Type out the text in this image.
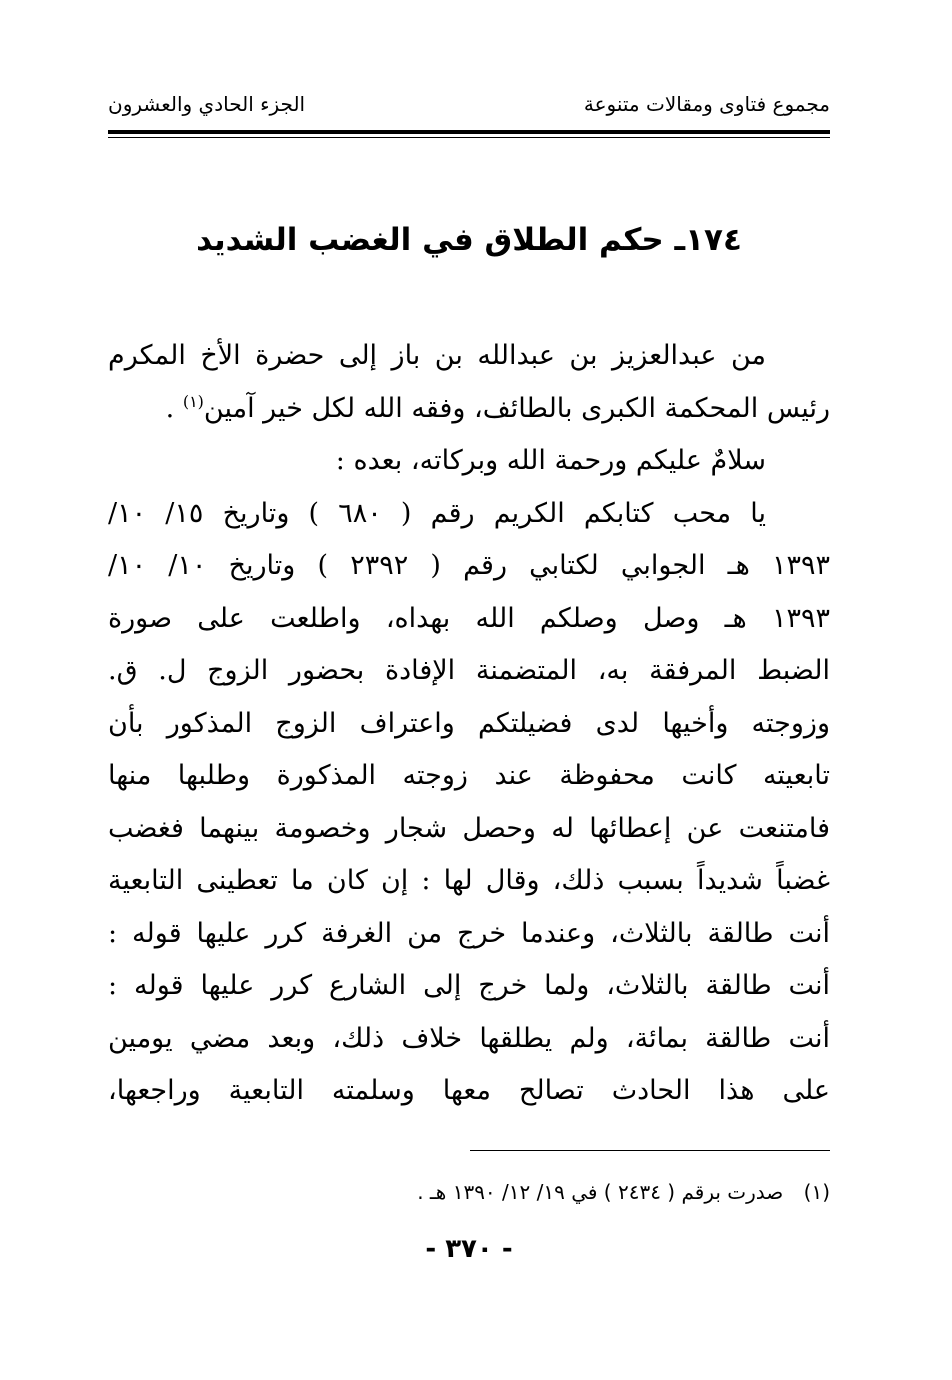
مجموع فتاوى ومقالات متنوعة
الجزء الحادي والعشرون
١٧٤ـ حكم الطلاق في الغضب الشديد
من عبدالعزيز بن عبدالله بن باز إلى حضرة الأخ المكرم
رئيس المحكمة الكبرى بالطائف، وفقه الله لكل خير آمين$^{(١)}$ .
سلامٌ عليكم ورحمة الله وبركاته، بعده :
يا محب كتابكم الكريم رقم ( ٦٨٠ ) وتاريخ ١٥/ ١٠/
١٣٩٣ هـ الجوابي لكتابي رقم ( ٢٣٩٢ ) وتاريخ ١٠/ ١٠/
١٣٩٣ هـ وصل وصلكم الله بهداه، واطلعت على صورة
الضبط المرفقة به، المتضمنة الإفادة بحضور الزوج ل. ق.
وزوجته وأخيها لدى فضيلتكم واعتراف الزوج المذكور بأن
تابعيته كانت محفوظة عند زوجته المذكورة وطلبها منها
فامتنعت عن إعطائها له وحصل شجار وخصومة بينهما فغضب
غضباً شديداً بسبب ذلك، وقال لها : إن كان ما تعطينى التابعية
أنت طالقة بالثلاث، وعندما خرج من الغرفة كرر عليها قوله :
أنت طالقة بالثلاث، ولما خرج إلى الشارع كرر عليها قوله :
أنت طالقة بمائة، ولم يطلقها خلاف ذلك، وبعد مضي يومين
على هذا الحادث تصالح معها وسلمته التابعية وراجعها،
(١) صدرت برقم ( ٢٤٣٤ ) في ١٩/ ١٢/ ١٣٩٠ هـ .
- ٣٧٠ -
